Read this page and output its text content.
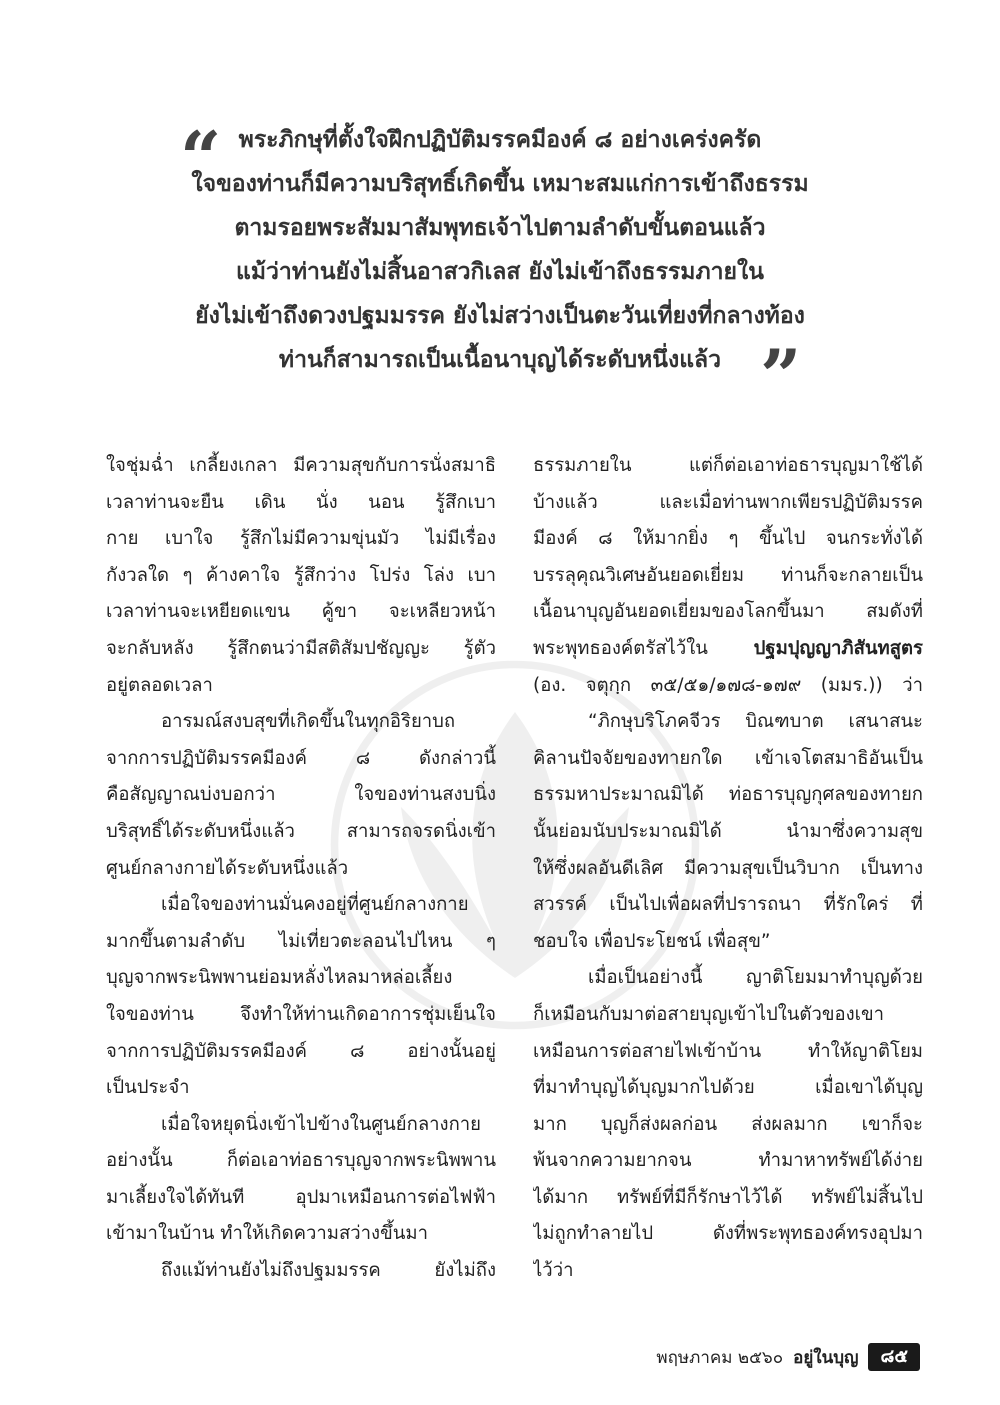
“
”
พระภิกษุที่ตั้งใจฝึกปฏิบัติมรรคมีองค์ ๘ อย่างเคร่งครัด
ใจของท่านก็มีความบริสุทธิ์เกิดขึ้น เหมาะสมแก่การเข้าถึงธรรม
ตามรอยพระสัมมาสัมพุทธเจ้าไปตามลำดับขั้นตอนแล้ว
แม้ว่าท่านยังไม่สิ้นอาสวกิเลส ยังไม่เข้าถึงธรรมภายใน
ยังไม่เข้าถึงดวงปฐมมรรค ยังไม่สว่างเป็นตะวันเที่ยงที่กลางท้อง
ท่านก็สามารถเป็นเนื้อนาบุญได้ระดับหนึ่งแล้ว
ใจชุ่มฉ่ำ เกลี้ยงเกลา มีความสุขกับการนั่งสมาธิ
เวลาท่านจะยืน เดิน นั่ง นอน รู้สึกเบา
กาย เบาใจ รู้สึกไม่มีความขุ่นมัว ไม่มีเรื่อง
กังวลใด ๆ ค้างคาใจ รู้สึกว่าง โปร่ง โล่ง เบา
เวลาท่านจะเหยียดแขน คู้ขา จะเหลียวหน้า
จะกลับหลัง รู้สึกตนว่ามีสติสัมปชัญญะ รู้ตัว
อยู่ตลอดเวลา
อารมณ์สงบสุขที่เกิดขึ้นในทุกอิริยาบถ
จากการปฏิบัติมรรคมีองค์ ๘ ดังกล่าวนี้
คือสัญญาณบ่งบอกว่า ใจของท่านสงบนิ่ง
บริสุทธิ์ได้ระดับหนึ่งแล้ว สามารถจรดนิ่งเข้า
ศูนย์กลางกายได้ระดับหนึ่งแล้ว
เมื่อใจของท่านมั่นคงอยู่ที่ศูนย์กลางกาย
มากขึ้นตามลำดับ ไม่เที่ยวตะลอนไปไหน ๆ
บุญจากพระนิพพานย่อมหลั่งไหลมาหล่อเลี้ยง
ใจของท่าน จึงทำให้ท่านเกิดอาการชุ่มเย็นใจ
จากการปฏิบัติมรรคมีองค์ ๘ อย่างนั้นอยู่
เป็นประจำ
เมื่อใจหยุดนิ่งเข้าไปข้างในศูนย์กลางกาย
อย่างนั้น ก็ต่อเอาท่อธารบุญจากพระนิพพาน
มาเลี้ยงใจได้ทันที อุปมาเหมือนการต่อไฟฟ้า
เข้ามาในบ้าน ทำให้เกิดความสว่างขึ้นมา
ถึงแม้ท่านยังไม่ถึงปฐมมรรค ยังไม่ถึง
ธรรมภายใน แต่ก็ต่อเอาท่อธารบุญมาใช้ได้
บ้างแล้ว และเมื่อท่านพากเพียรปฏิบัติมรรค
มีองค์ ๘ ให้มากยิ่ง ๆ ขึ้นไป จนกระทั่งได้
บรรลุคุณวิเศษอันยอดเยี่ยม ท่านก็จะกลายเป็น
เนื้อนาบุญอันยอดเยี่ยมของโลกขึ้นมา สมดังที่
พระพุทธองค์ตรัสไว้ใน ปฐมปุญญาภิสันทสูตร
(อง. จตุกฺก ๓๕/๕๑/๑๗๘-๑๗๙ (มมร.)) ว่า
“ภิกษุบริโภคจีวร บิณฑบาต เสนาสนะ
คิลานปัจจัยของทายกใด เข้าเจโตสมาธิอันเป็น
ธรรมหาประมาณมิได้ ท่อธารบุญกุศลของทายก
นั้นย่อมนับประมาณมิได้ นำมาซึ่งความสุข
ให้ซึ่งผลอันดีเลิศ มีความสุขเป็นวิบาก เป็นทาง
สวรรค์ เป็นไปเพื่อผลที่ปรารถนา ที่รักใคร่ ที่
ชอบใจ เพื่อประโยชน์ เพื่อสุข”
เมื่อเป็นอย่างนี้ ญาติโยมมาทำบุญด้วย
ก็เหมือนกับมาต่อสายบุญเข้าไปในตัวของเขา
เหมือนการต่อสายไฟเข้าบ้าน ทำให้ญาติโยม
ที่มาทำบุญได้บุญมากไปด้วย เมื่อเขาได้บุญ
มาก บุญก็ส่งผลก่อน ส่งผลมาก เขาก็จะ
พ้นจากความยากจน ทำมาหาทรัพย์ได้ง่าย
ได้มาก ทรัพย์ที่มีก็รักษาไว้ได้ ทรัพย์ไม่สิ้นไป
ไม่ถูกทำลายไป ดังที่พระพุทธองค์ทรงอุปมา
ไว้ว่า
พฤษภาคม ๒๕๖๐ อยู่ในบุญ	๘๕
